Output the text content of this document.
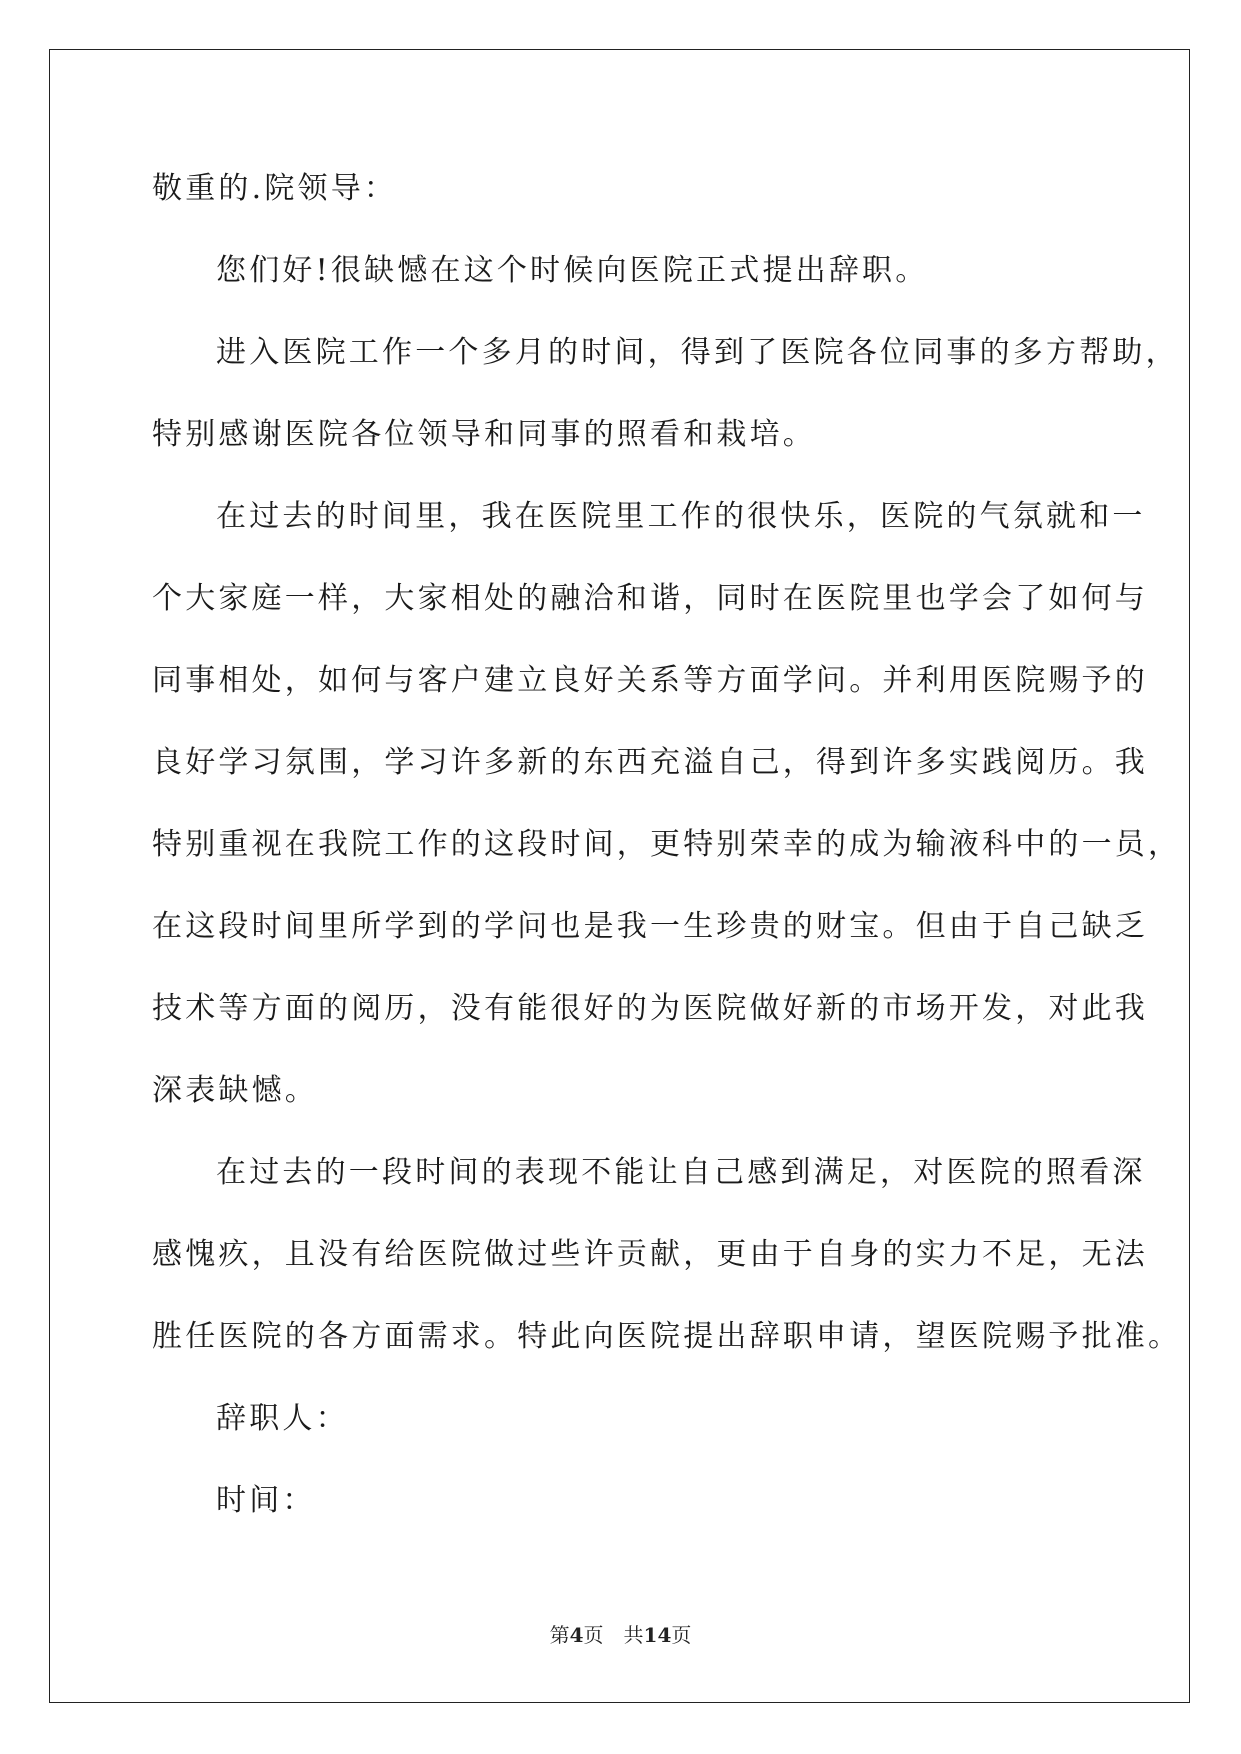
敬重的.院领导：
您们好!很缺憾在这个时候向医院正式提出辞职。
进入医院工作一个多月的时间，得到了医院各位同事的多方帮助，
特别感谢医院各位领导和同事的照看和栽培。
在过去的时间里，我在医院里工作的很快乐，医院的气氛就和一
个大家庭一样，大家相处的融洽和谐，同时在医院里也学会了如何与
同事相处，如何与客户建立良好关系等方面学问。并利用医院赐予的
良好学习氛围，学习许多新的东西充溢自己，得到许多实践阅历。我
特别重视在我院工作的这段时间，更特别荣幸的成为输液科中的一员，
在这段时间里所学到的学问也是我一生珍贵的财宝。但由于自己缺乏
技术等方面的阅历，没有能很好的为医院做好新的市场开发，对此我
深表缺憾。
在过去的一段时间的表现不能让自己感到满足，对医院的照看深
感愧疚，且没有给医院做过些许贡献，更由于自身的实力不足，无法
胜任医院的各方面需求。特此向医院提出辞职申请，望医院赐予批准。
辞职人：
时间：
第4页 共14页
